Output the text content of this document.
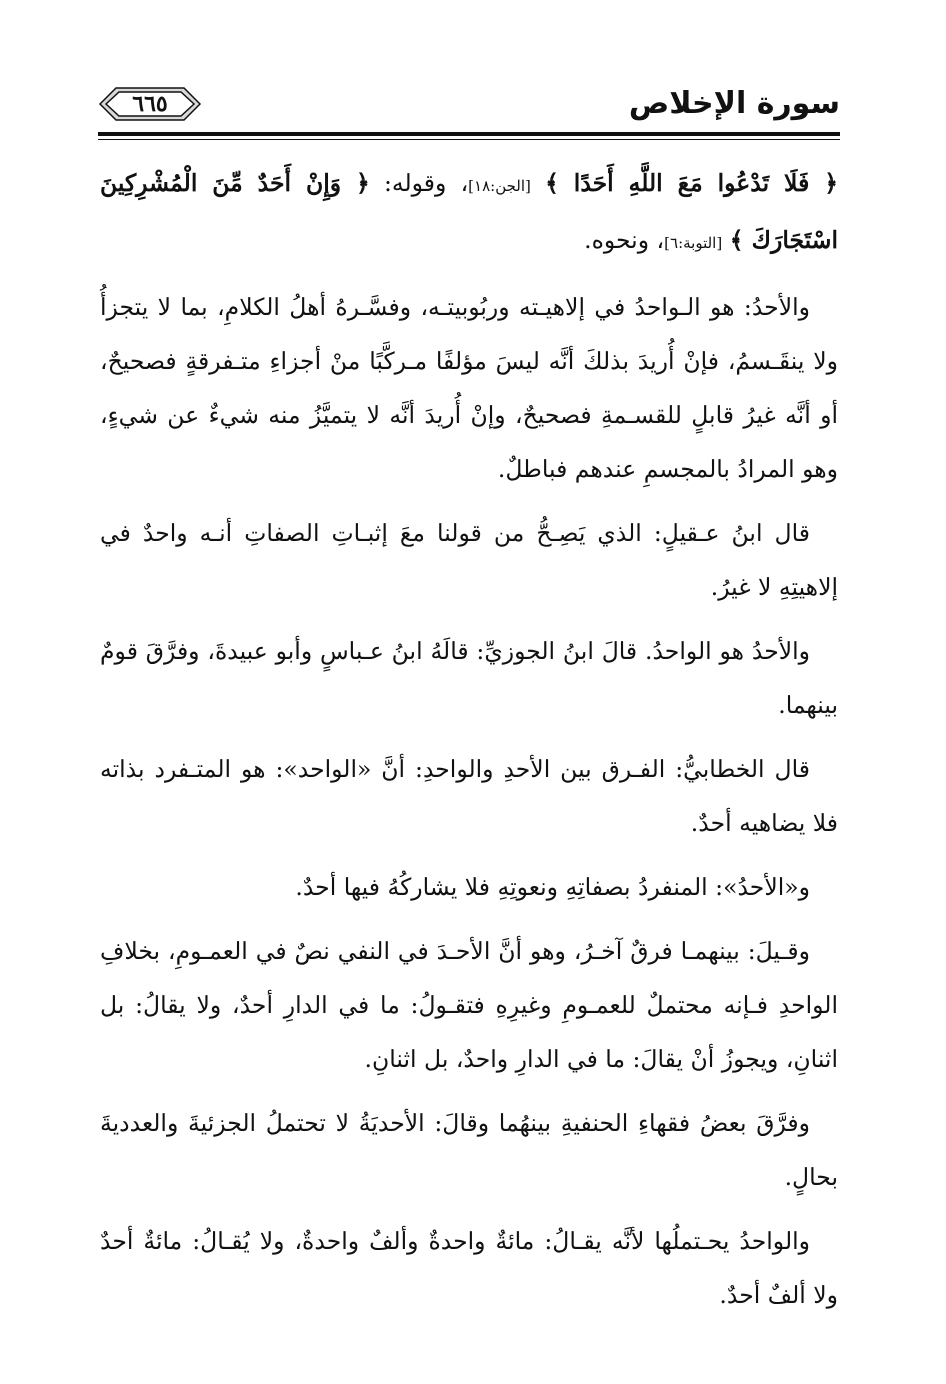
٦٦٥	سورة الإخلاص

﴿ فَلَا تَدْعُوا مَعَ اللَّهِ أَحَدًا ﴾ [الجن:١٨]، وقوله: ﴿ وَإِنْ أَحَدٌ مِّنَ الْمُشْرِكِينَ اسْتَجَارَكَ ﴾ [التوبة:٦]، ونحوه.

والأحدُ: هو الـواحدُ في إلاهيـته وربُوبيتـه، وفسَّـرهُ أهلُ الكلامِ، بما لا يتجزأُ ولا ينقَـسمُ، فإنْ أُريدَ بذلكَ أنَّه ليسَ مؤلفًا مـركَّبًا منْ أجزاءِ متـفرقةٍ فصحيحٌ، أو أنَّه غيرُ قابلٍ للقسـمةِ فصحيحٌ، وإنْ أُريدَ أنَّه لا يتميَّزُ منه شيءٌ عن شيءٍ، وهو المرادُ بالمجسمِ عندهم فباطلٌ.

قال ابنُ عـقيلٍ: الذي يَصِـحُّ من قولنا معَ إثبـاتِ الصفاتِ أنـه واحدٌ في إلاهيتِهِ لا غيرُ.

والأحدُ هو الواحدُ. قالَ ابنُ الجوزيِّ: قالَهُ ابنُ عـباسٍ وأبو عبيدةَ، وفرَّقَ قومٌ بينهما.

قال الخطابيُّ: الفـرق بين الأحدِ والواحدِ: أنَّ «الواحد»: هو المتـفرد بذاته فلا يضاهيه أحدٌ.

و«الأحدُ»: المنفردُ بصفاتِهِ ونعوتِهِ فلا يشاركُهُ فيها أحدٌ.

وقـيلَ: بينهمـا فرقٌ آخـرُ، وهو أنَّ الأحـدَ في النفي نصٌ في العمـومِ، بخلافِ الواحدِ فـإنه محتملٌ للعمـومِ وغيرِهِ فتقـولُ: ما في الدارِ أحدٌ، ولا يقالُ: بل اثنانِ، ويجوزُ أنْ يقالَ: ما في الدارِ واحدٌ، بل اثنانِ.

وفرَّقَ بعضُ فقهاءِ الحنفيةِ بينهُما وقالَ: الأحديَةُ لا تحتملُ الجزئيةَ والعدديةَ بحالٍ.

والواحدُ يحـتملُها لأنَّه يقـالُ: مائةٌ واحدةٌ وألفٌ واحدةٌ، ولا يُقـالُ: مائةٌ أحدٌ ولا ألفٌ أحدٌ.
